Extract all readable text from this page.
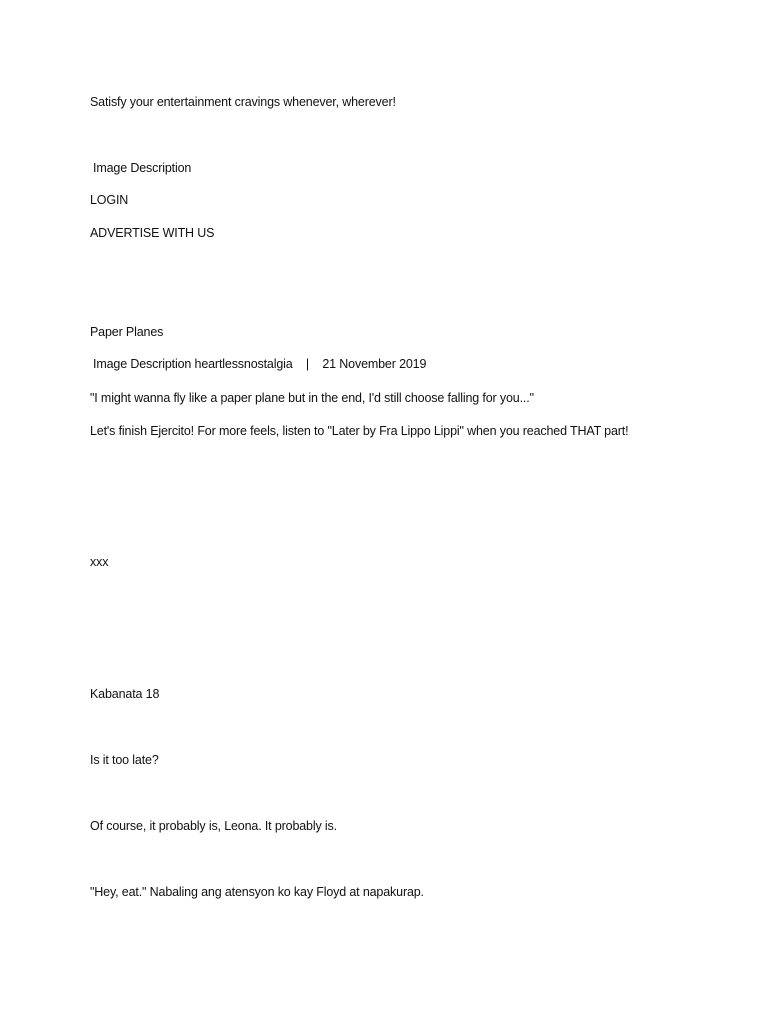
Satisfy your entertainment cravings whenever, wherever!
Image Description
LOGIN
ADVERTISE WITH US
Paper Planes
Image Description heartlessnostalgia | 21 November 2019
"I might wanna fly like a paper plane but in the end, I'd still choose falling for you..."
Let's finish Ejercito! For more feels, listen to "Later by Fra Lippo Lippi" when you reached THAT part!
xxx
Kabanata 18
Is it too late?
Of course, it probably is, Leona. It probably is.
"Hey, eat." Nabaling ang atensyon ko kay Floyd at napakurap.
